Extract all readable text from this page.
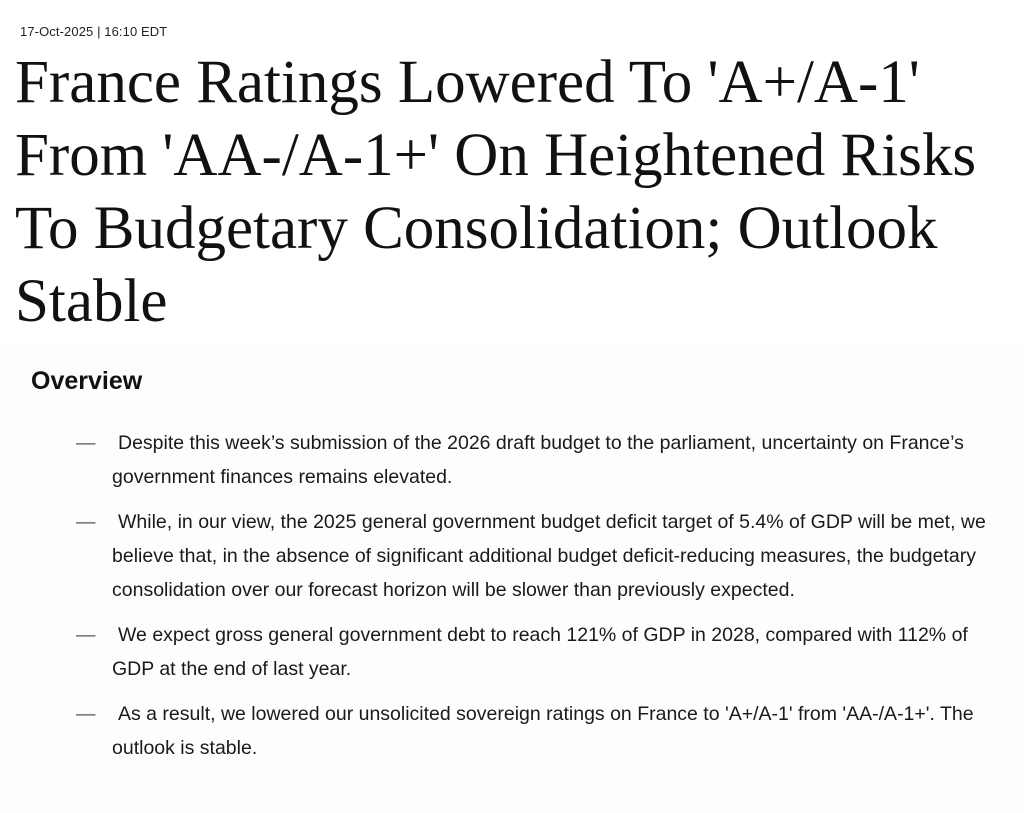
17-Oct-2025 | 16:10 EDT
France Ratings Lowered To 'A+/A-1' From 'AA-/A-1+' On Heightened Risks To Budgetary Consolidation; Outlook Stable
Overview
—	Despite this week’s submission of the 2026 draft budget to the parliament, uncertainty on France’s government finances remains elevated.
—	While, in our view, the 2025 general government budget deficit target of 5.4% of GDP will be met, we believe that, in the absence of significant additional budget deficit-reducing measures, the budgetary consolidation over our forecast horizon will be slower than previously expected.
—	We expect gross general government debt to reach 121% of GDP in 2028, compared with 112% of GDP at the end of last year.
—	As a result, we lowered our unsolicited sovereign ratings on France to 'A+/A-1' from 'AA-/A-1+'. The outlook is stable.
